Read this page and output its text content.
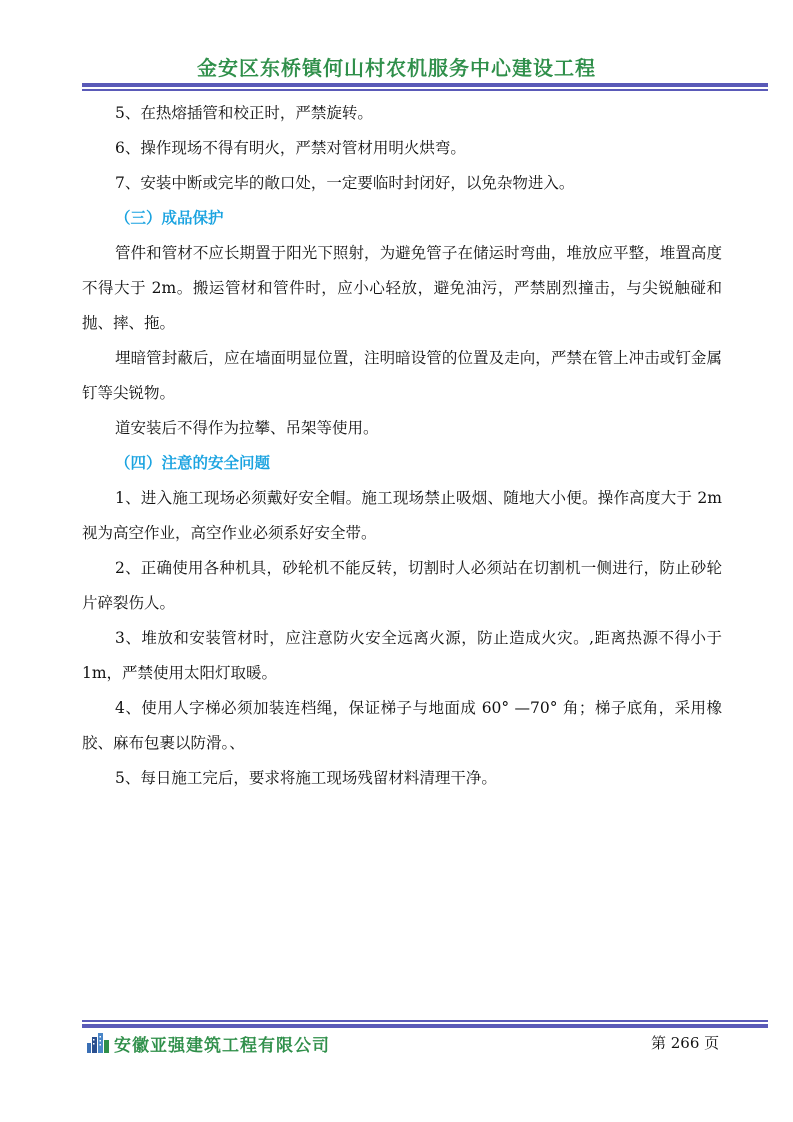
金安区东桥镇何山村农机服务中心建设工程

5、在热熔插管和校正时，严禁旋转。

6、操作现场不得有明火，严禁对管材用明火烘弯。

7、安装中断或完毕的敞口处，一定要临时封闭好，以免杂物进入。

（三）成品保护

管件和管材不应长期置于阳光下照射，为避免管子在储运时弯曲，堆放应平整，堆置高度不得大于 2m。搬运管材和管件时，应小心轻放，避免油污，严禁剧烈撞击，与尖锐触碰和抛、摔、拖。

埋暗管封蔽后，应在墙面明显位置，注明暗设管的位置及走向，严禁在管上冲击或钉金属钉等尖锐物。

道安装后不得作为拉攀、吊架等使用。

（四）注意的安全问题

1、进入施工现场必须戴好安全帽。施工现场禁止吸烟、随地大小便。操作高度大于 2m 视为高空作业，高空作业必须系好安全带。

2、正确使用各种机具，砂轮机不能反转，切割时人必须站在切割机一侧进行，防止砂轮片碎裂伤人。

3、堆放和安装管材时，应注意防火安全远离火源，防止造成火灾。,距离热源不得小于 1m，严禁使用太阳灯取暖。

4、使用人字梯必须加装连档绳，保证梯子与地面成 60° —70° 角；梯子底角，采用橡胶、麻布包裹以防滑。、

5、每日施工完后，要求将施工现场残留材料清理干净。

安徽亚强建筑工程有限公司	第 266 页
